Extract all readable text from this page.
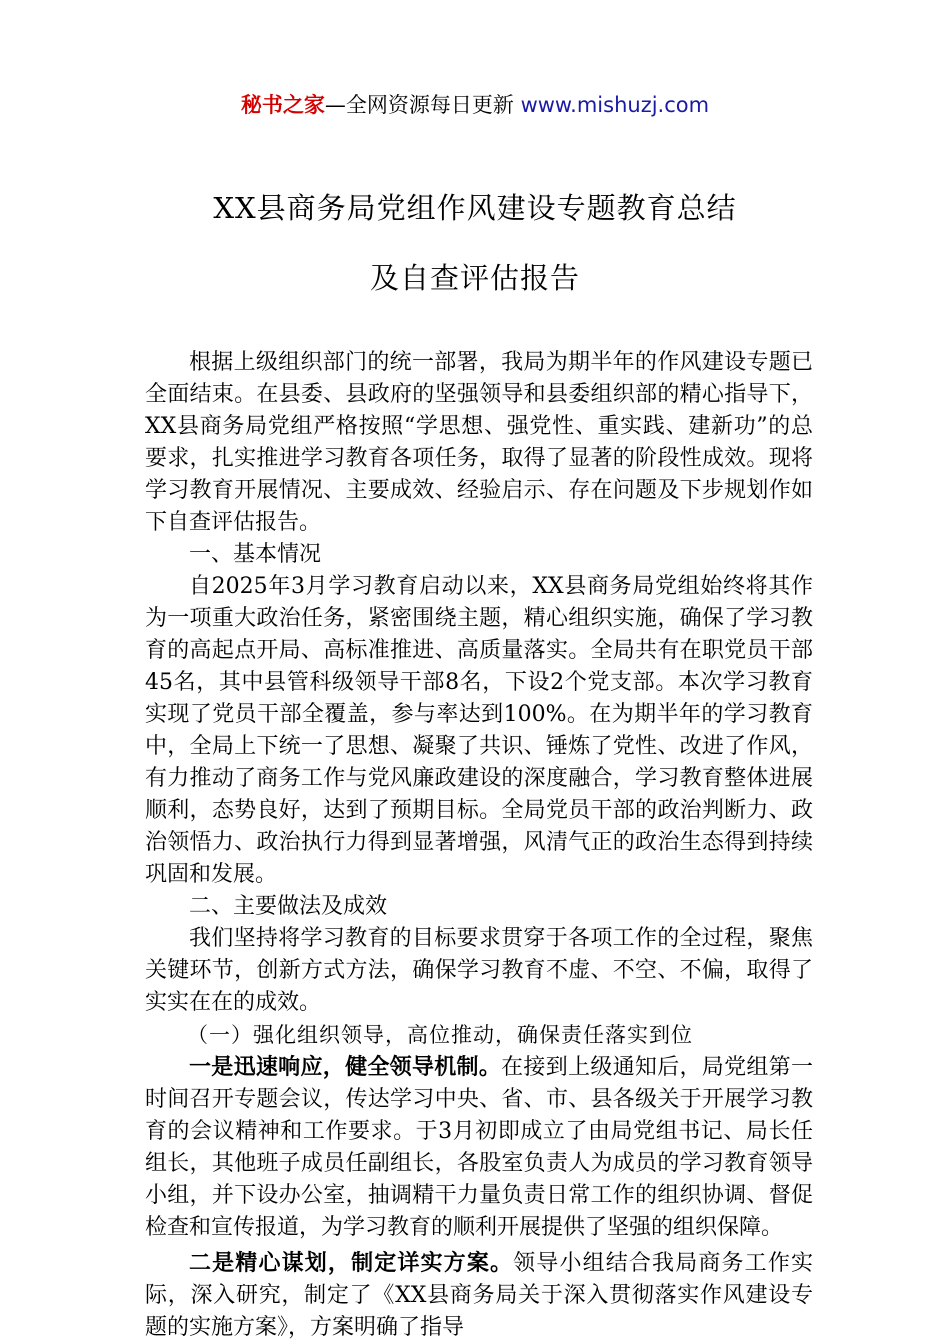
秘书之家—全网资源每日更新 www.mishuzj.com
XX县商务局党组作风建设专题教育总结
及自查评估报告

根据上级组织部门的统一部署，我局为期半年的作风建设专题已全面结束。在县委、县政府的坚强领导和县委组织部的精心指导下，XX县商务局党组严格按照“学思想、强党性、重实践、建新功”的总要求，扎实推进学习教育各项任务，取得了显著的阶段性成效。现将学习教育开展情况、主要成效、经验启示、存在问题及下步规划作如下自查评估报告。

一、基本情况

自2025年3月学习教育启动以来，XX县商务局党组始终将其作为一项重大政治任务，紧密围绕主题，精心组织实施，确保了学习教育的高起点开局、高标准推进、高质量落实。全局共有在职党员干部45名，其中县管科级领导干部8名，下设2个党支部。本次学习教育实现了党员干部全覆盖，参与率达到100%。在为期半年的学习教育中，全局上下统一了思想、凝聚了共识、锤炼了党性、改进了作风，有力推动了商务工作与党风廉政建设的深度融合，学习教育整体进展顺利，态势良好，达到了预期目标。全局党员干部的政治判断力、政治领悟力、政治执行力得到显著增强，风清气正的政治生态得到持续巩固和发展。

二、主要做法及成效

我们坚持将学习教育的目标要求贯穿于各项工作的全过程，聚焦关键环节，创新方式方法，确保学习教育不虚、不空、不偏，取得了实实在在的成效。

（一）强化组织领导，高位推动，确保责任落实到位

一是迅速响应，健全领导机制。在接到上级通知后，局党组第一时间召开专题会议，传达学习中央、省、市、县各级关于开展学习教育的会议精神和工作要求。于3月初即成立了由局党组书记、局长任组长，其他班子成员任副组长，各股室负责人为成员的学习教育领导小组，并下设办公室，抽调精干力量负责日常工作的组织协调、督促检查和宣传报道，为学习教育的顺利开展提供了坚强的组织保障。

二是精心谋划，制定详实方案。领导小组结合我局商务工作实际，深入研究，制定了《XX县商务局关于深入贯彻落实作风建设专题的实施方案》，方案明确了指导
